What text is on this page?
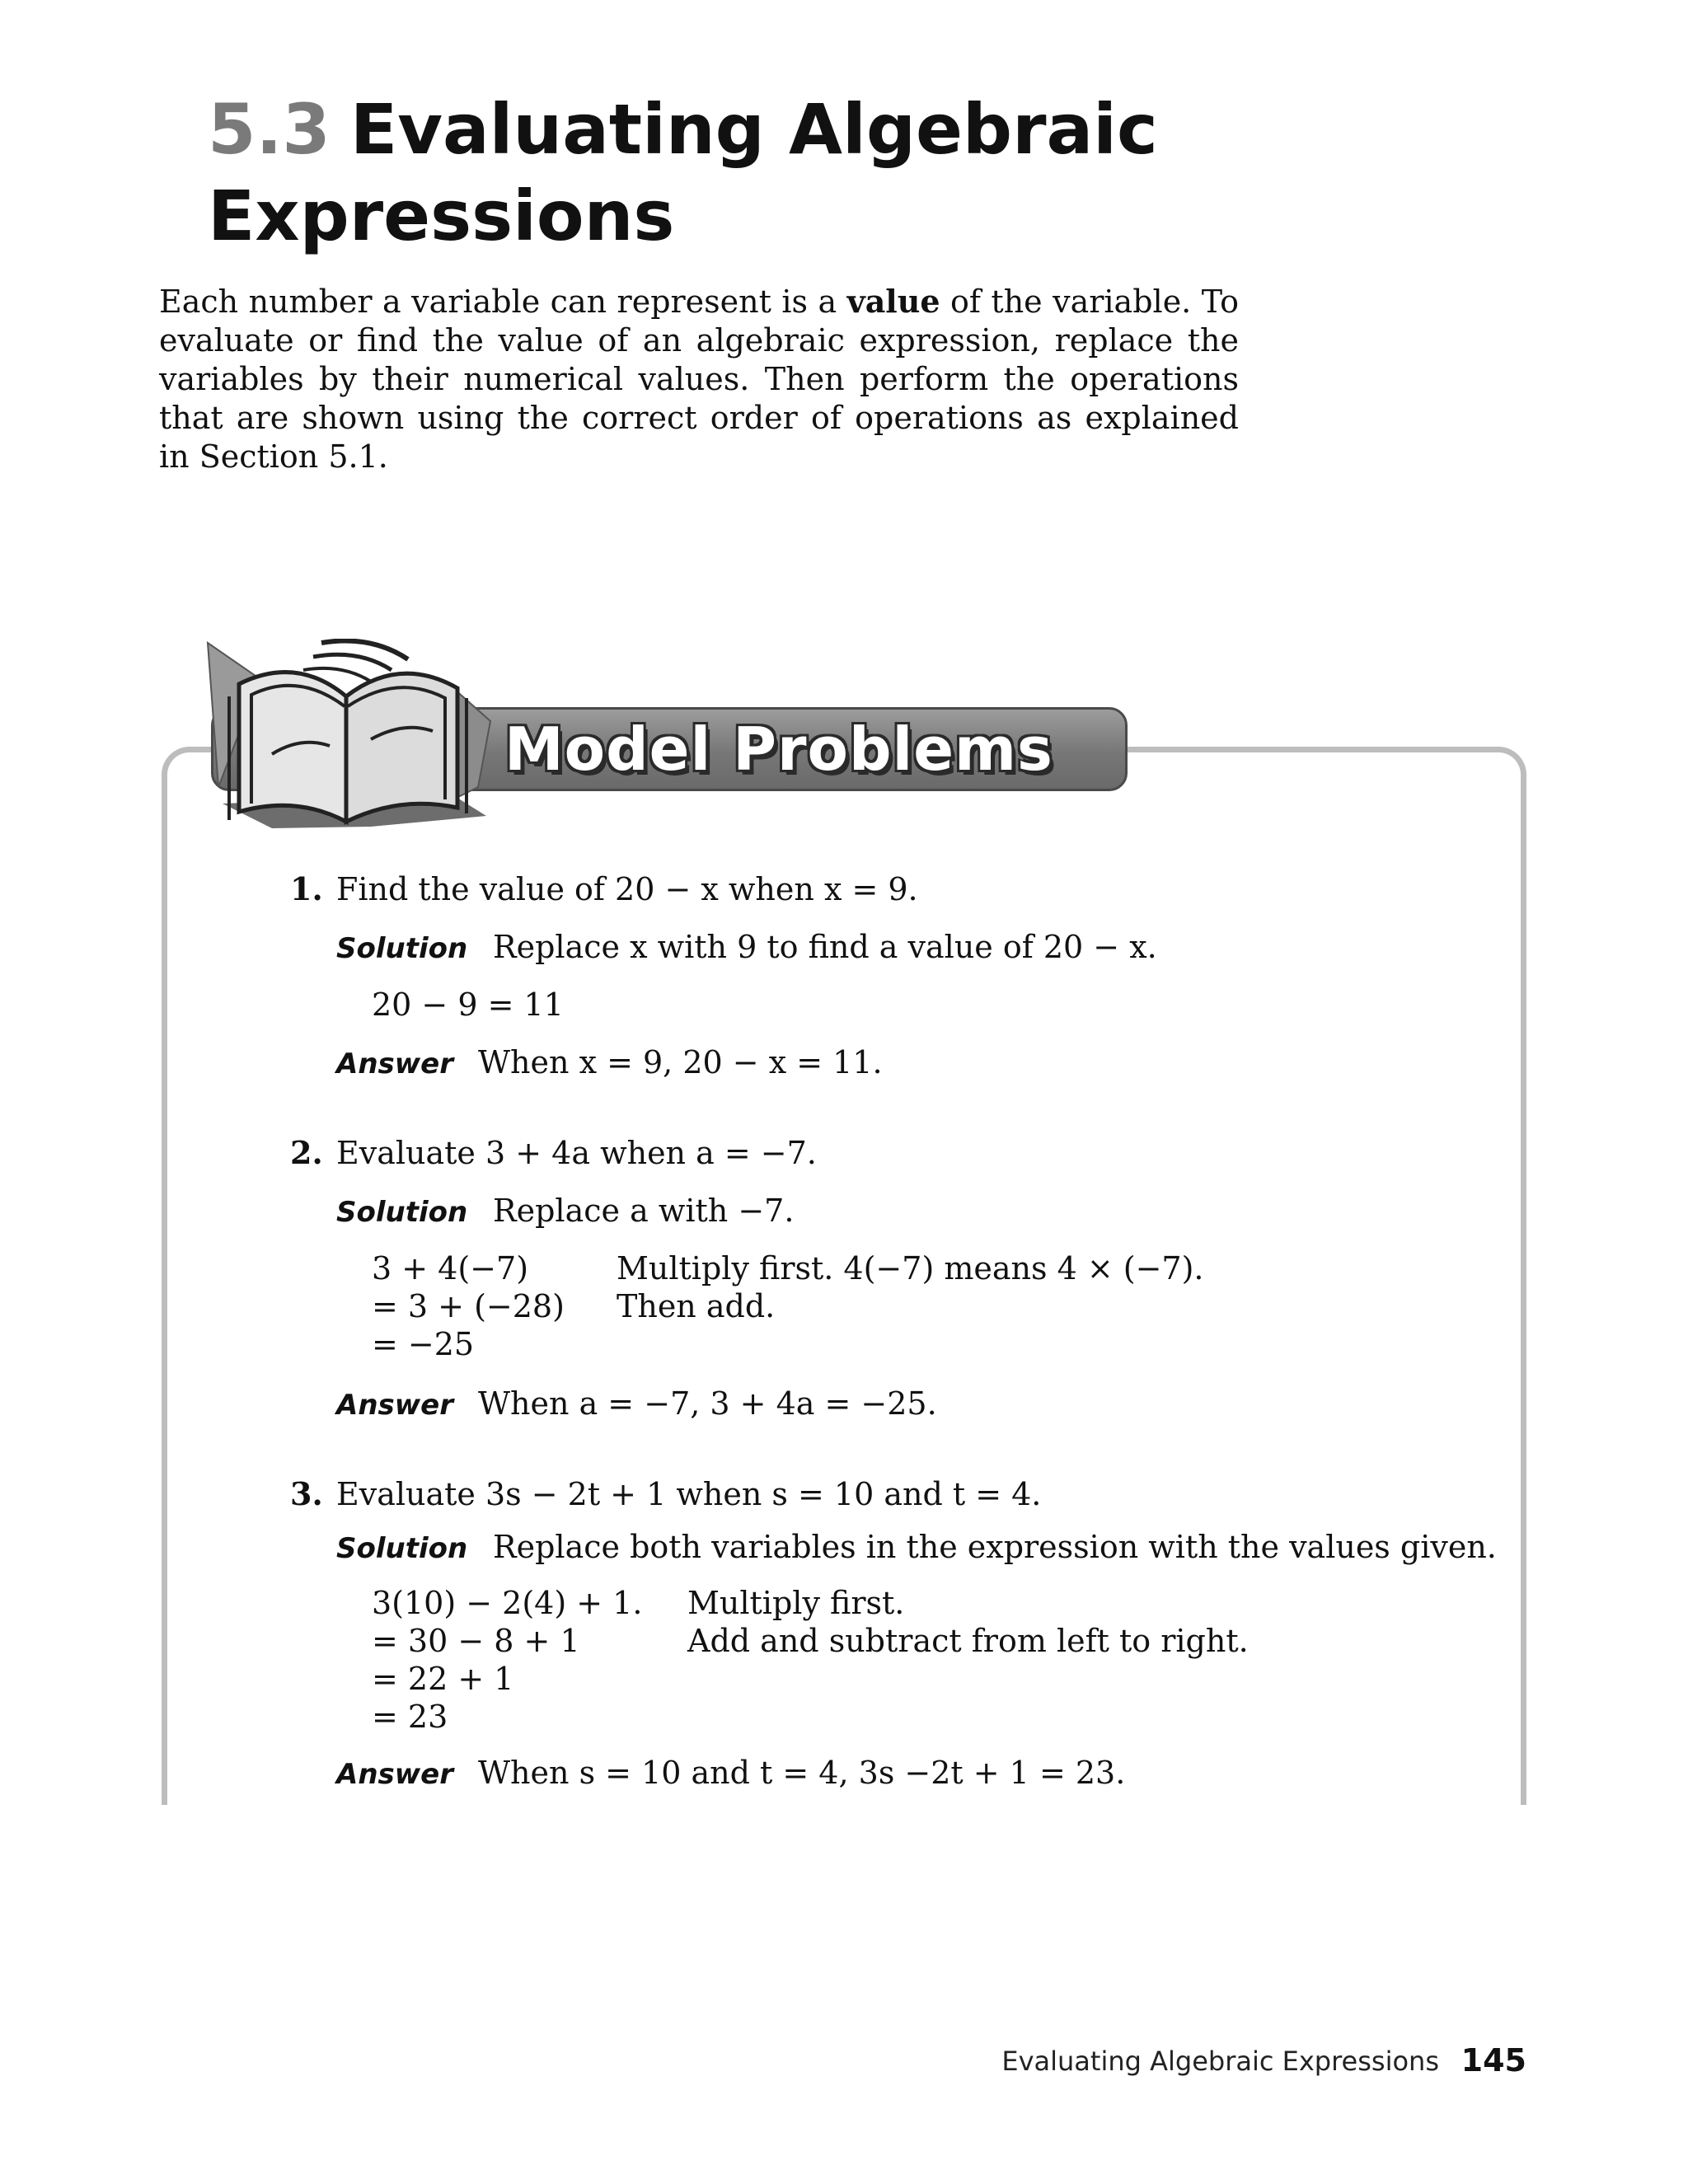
5.3 Evaluating Algebraic
Expressions

Each number a variable can represent is a value of the variable. To evaluate or find the value of an algebraic expression, replace the variables by their numerical values. Then perform the operations that are shown using the correct order of operations as explained in Section 5.1.

Model Problems
1. Find the value of 20 − x when x = 9.
Solution Replace x with 9 to find a value of 20 − x.
20 − 9 = 11
Answer When x = 9, 20 − x = 11.
2. Evaluate 3 + 4a when a = −7.
Solution Replace a with −7.
3 + 4(−7)
= 3 + (−28)
= −25
Multiply first. 4(−7) means 4 × (−7).
Then add.
Answer When a = −7, 3 + 4a = −25.
3. Evaluate 3s − 2t + 1 when s = 10 and t = 4.
Solution Replace both variables in the expression with the values given.
3(10) − 2(4) + 1.
= 30 − 8 + 1
= 22 + 1
= 23
Multiply first.
Add and subtract from left to right.
Answer When s = 10 and t = 4, 3s −2t + 1 = 23.
Evaluating Algebraic Expressions 145
